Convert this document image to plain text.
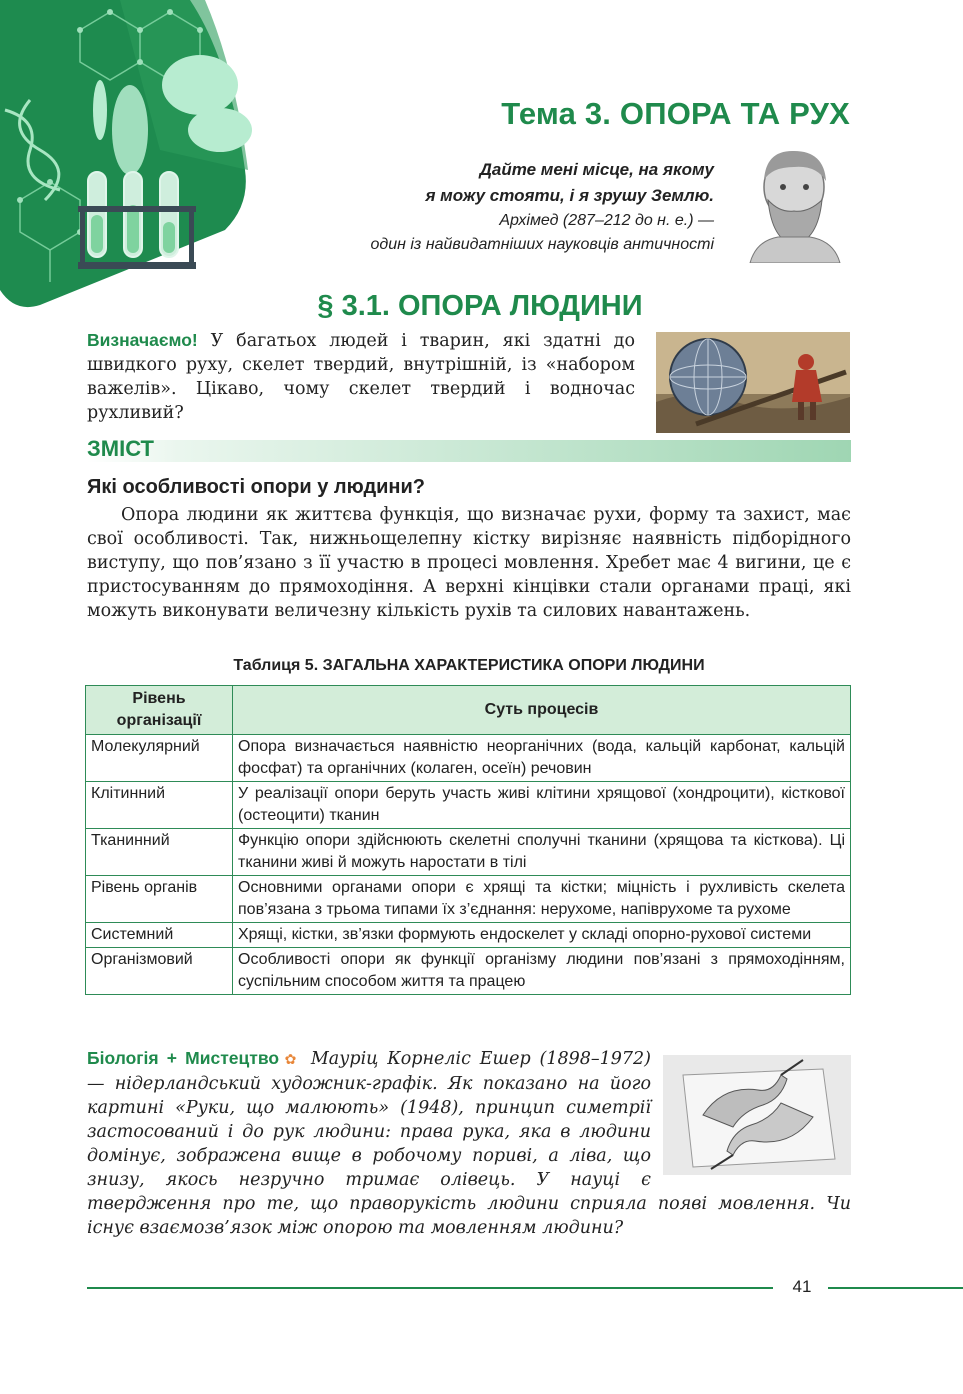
Тема 3. ОПОРА ТА РУХ
Дайте мені місце, на якому
я можу стояти, і я зрушу Землю.
Архімед (287–212 до н. е.) —
один із найвидатніших науковців античності
§ 3.1. ОПОРА ЛЮДИНИ
Визначаємо! У багатьох людей і тварин, які здатні до швидкого руху, скелет твердий, внутрішній, із «набором важелів». Цікаво, чому скелет твердий і водночас рухливий?
ЗМІСТ
Які особливості опори у людини?

Опора людини як життєва функція, що визначає рухи, форму та захист, має свої особливості. Так, нижньощелепну кістку вирізняє наявність підборідного виступу, що пов’язано з її участю в процесі мовлення. Хребет має 4 вигини, це є пристосуванням до прямоходіння. А верхні кінцівки стали органами праці, які можуть виконувати величезну кількість рухів та силових навантажень.

Таблиця 5. ЗАГАЛЬНА ХАРАКТЕРИСТИКА ОПОРИ ЛЮДИНИ
Рівень організації	Суть процесів
Молекулярний	Опора визначається наявністю неорганічних (вода, кальцій карбонат, кальцій фосфат) та органічних (колаген, осеїн) речовин
Клітинний	У реалізації опори беруть участь живі клітини хрящової (хондроцити), кісткової (остеоцити) тканин
Тканинний	Функцію опори здійснюють скелетні сполучні тканини (хрящова та кісткова). Ці тканини живі й можуть наростати в тілі
Рівень органів	Основними органами опори є хрящі та кістки; міцність і рухливість скелета пов’язана з трьома типами їх з’єднання: нерухоме, напіврухоме та рухоме
Системний	Хрящі, кістки, зв’язки формують ендоскелет у складі опорно-рухової системи
Організмовий	Особливості опори як функції організму людини пов’язані з прямоходінням, суспільним способом життя та працею
Біологія + Мистецтво ✿ Мауріц Корнеліс Ешер (1898–1972) — нідерландський художник-графік. Як показано на його картині «Руки, що малюють» (1948), принцип симетрії застосований і до рук людини: права рука, яка в людини домінує, зображена вище в робочому пориві, а ліва, що знизу, якось незручно тримає олівець. У науці є твердження про те, що праворукість людини сприяла появі мовлення. Чи існує взаємозв’язок між опорою та мовленням людини?
41
